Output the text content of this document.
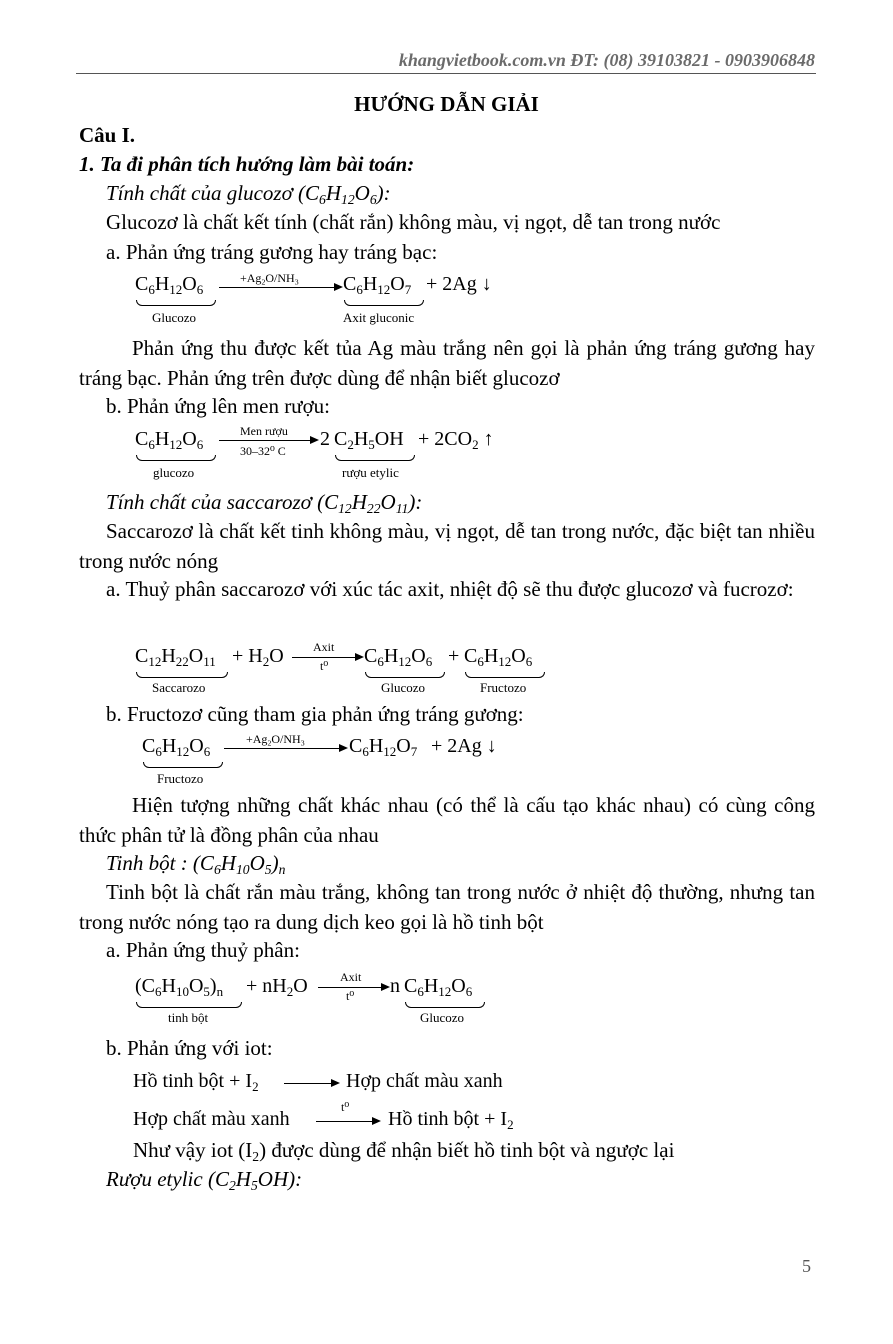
khangvietbook.com.vn ĐT: (08) 39103821 - 0903906848
HƯỚNG DẪN GIẢI
Câu I.
1. Ta đi phân tích hướng làm bài toán:
Tính chất của glucozơ $(C_6H_{12}O_6)$:
Glucozơ là chất kết tính (chất rắn) không màu, vị ngọt, dễ tan trong nước
a. Phản ứng tráng gương hay tráng bạc:
$C_6H_{12}O_6$
Glucozo
$+Ag_2O/NH_3$ $C_6H_{12}O_7$
Axit gluconic
+ 2Ag ↓
Phản ứng thu được kết tủa Ag màu trắng nên gọi là phản ứng tráng gương hay tráng bạc. Phản ứng trên được dùng để nhận biết glucozơ
b. Phản ứng lên men rượu:
$C_6H_{12}O_6$
glucozo
Men rượu
30–32⁰ C
2 $C_2H_5OH$
rượu etylic
+ $2CO_2$ ↑
Tính chất của saccarozơ $(C_{12}H_{22}O_{11})$:
Saccarozơ là chất kết tinh không màu, vị ngọt, dễ tan trong nước, đặc biệt tan nhiều trong nước nóng
a. Thuỷ phân saccarozơ với xúc tác axit, nhiệt độ sẽ thu được glucozơ và fucrozơ:
$C_{12}H_{22}O_{11}$
Saccarozo
+ $H_2O$ Axit
t⁰ $C_6H_{12}O_6$
Glucozo
+ $C_6H_{12}O_6$
Fructozo
b. Fructozơ cũng tham gia phản ứng tráng gương:
$C_6H_{12}O_6$
Fructozo
$+Ag_2O/NH_3$ $C_6H_{12}O_7 + 2Ag$ ↓
Hiện tượng những chất khác nhau (có thể là cấu tạo khác nhau) có cùng công thức phân tử là đồng phân của nhau
Tinh bột : $(C_6H_{10}O_5)_n$
Tinh bột là chất rắn màu trắng, không tan trong nước ở nhiệt độ thường, nhưng tan trong nước nóng tạo ra dung dịch keo gọi là hồ tinh bột
a. Phản ứng thuỷ phân:
$(C_6H_{10}O_5)_n$
tinh bột
+ $nH_2O$	Axit
t⁰ n $C_6H_{12}O_6$
Glucozo
b. Phản ứng với iot:
Hồ tinh bột + $I_2$	Hợp chất màu xanh
Hợp chất màu xanh
t⁰
Hồ tinh bột + $I_2$
Như vậy iot $(I_2)$ được dùng để nhận biết hồ tinh bột và ngược lại
Rượu etylic $(C_2H_5OH)$:
5
